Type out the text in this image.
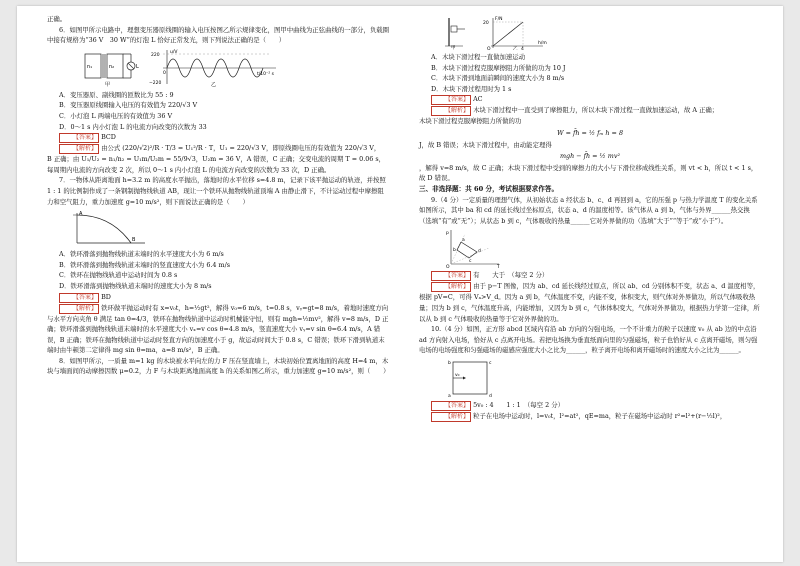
正确。

6．如图甲所示电路中，理想变压器原线圈的输入电压按图乙所示规律变化，图甲中曲线为正弦曲线的一部分，负载圈中接有规格为“36 V　30 W”的灯泡 L 恰好正常发光，则下列说法正确的是（　　）

n₁	n₂	L
甲
u/V
220
−220
0	t/10⁻² s
乙

A．变压器原、副线圈的匝数比为 55 : 9

B．变压器原线圈输入电压的有效值为 220/√3 V

C．小灯泡 L 两端电压的有效值为 36 V

D．0～1 s 内小灯泡 L 的电流方向改变的次数为 33

【答案】 BCD

【解析】 由公式 (220/√2)²/R · T/3 = U₁²/R · T，U₁ = 220/√3 V，即原线圈电压的有效值为 220/√3 V，

B 正确；由 U₁/U₂ = n₁/n₂ = U₁m/U₂m = 55/9√3，U₂m = 36 V，A 错误，C 正确；交变电流的周期 T = 0.06 s，每周期内电流的方向改变 2 次，所以 0～1 s 内小灯泡 L 的电流方向改变的次数为 33 次，D 正确。

7．一物体从距离地面 h=3.2 m 的高度水平抛出，落地时的水平位移 s=4.8 m，记录下该平抛运动的轨迹，并按照 1 : 1 的比例制作成了一条钢制抛物线轨道 AB，现让一个铁环从抛物线轨道顶端 A 由静止滑下，不计运动过程中摩擦阻力和空气阻力，重力加速度 g=10 m/s²，则下面说法正确的是（　　）

A
B

A．铁环滑落到抛物线轨道末端时的水平速度大小为 6 m/s

B．铁环滑落到抛物线轨道末端时的竖直速度大小为 6.4 m/s

C．铁环在抛物线轨道中运动时间为 0.8 s

D．铁环滑落到抛物线轨道末端时的速度大小为 8 m/s

【答案】 BD

【解析】 铁环做平抛运动时有 x=v₀t，h=½gt²，解得 v₀=6 m/s，t=0.8 s，vᵧ=gt=8 m/s，着地时速度方向与水平方向夹角 θ 满足 tan θ=4/3，铁环在抛物线轨道中运动时机械能守恒，则有 mgh=½mv²，解得 v=8 m/s，D 正确；铁环滑落到抛物线轨道末端时的水平速度大小 vₓ=v cos θ=4.8 m/s，竖直速度大小 vᵧ=v sin θ=6.4 m/s，A 错误，B 正确；铁环在抛物线轨道中运动时竖直方向的加速度小于 g，故运动时间大于 0.8 s，C 错误；铁环下滑到轨道末端时由牛顿第二定律得 mg sin θ=ma，a=8 m/s²，B 正确。

8．如图甲所示，一质量 m=1 kg 的木块被水平向左的力 F 压在竖直墙上，木块初始位置离地面的高度 H=4 m，木块与墙面间的动摩擦因数 μ=0.2，力 F 与木块距离地面高度 h 的关系如图乙所示，重力加速度 g=10 m/s²，则（　　）

甲
F/N
20
4
h/m
O	乙

A．木块下滑过程一直做加速运动

B．木块下滑过程克服摩擦阻力所做的功为 10 J

C．木块下滑到地面前瞬间的速度大小为 8 m/s

D．木块下滑过程用时为 1 s

【答案】 AC

【解析】 木块下滑过程中一直受到了摩擦阻力，所以木块下滑过程一直做加速运动，故 A 正确；

木块下滑过程克服摩擦阻力所做的功

W = f̄h = ½ fₘ h = 8

J，故 B 错误；木块下滑过程中，由动能定理得

mgh − f̄h = ½ mv²

，解得 v=8 m/s，故 C 正确；木块下滑过程中受到的摩擦力的大小与下滑位移成线性关系，则 vt < h，所以 t < 1 s，故 D 错误。

三、非选择题：共 60 分，考试根据要求作答。

9.（4 分）一定质量的理想气体，从初始状态 a 经状态 b、c、d 再回到 a，它的压强 p 与热力学温度 T 的变化关系如图所示，其中 ba 和 cd 的延长线过坐标原点，状态 a、d 的温度相等。该气体从 a 到 b，气体与外界______热交换（选填“有”或“无”）；从状态 b 到 c，气体吸收的热量______它对外界做的功（选填“大于”“等于”或“小于”）。

p
T
O
a
b
c
d

【答案】 有　　大于　（每空 2 分）

【解析】 由于 p−T 图像，因为 ab、cd 延长线经过原点，所以 ab、cd 分别体积不变，状态 a、d 温度相等，根据 pV=C，可得 Vₐ>V_d。因为 a 到 b，气体温度不变，内能不变，体积变大，则气体对外界做功，所以气体吸收热量；因为 b 到 c，气体温度升高，内能增加，又因为 b 到 c，气体体积变大，气体对外界做功，根据热力学第一定律，所以从 b 到 c 气体吸收的热量等于它对外界做的功。

10.（4 分）如图，正方形 abcd 区域内有沿 ab 方向的匀强电场，一个不计重力的粒子以速度 v₀ 从 ab 边的中点沿 ad 方向射入电场，恰好从 c 点离开电场。若把电场换为垂直纸面向里的匀强磁场，粒子也恰好从 c 点离开磁场，则匀强电场的电场强度和匀强磁场的磁感应强度大小之比为______，粒子离开电场和离开磁场时的速度大小之比为______。

b
a
c
d
v₀

【答案】 5v₀ : 4　　1 : 1　（每空 2 分）

【解析】 粒子在电场中运动时，l=v₀t，l²=at²，qE=ma，粒子在磁场中运动时 r²=l²+(r−½l)²，
